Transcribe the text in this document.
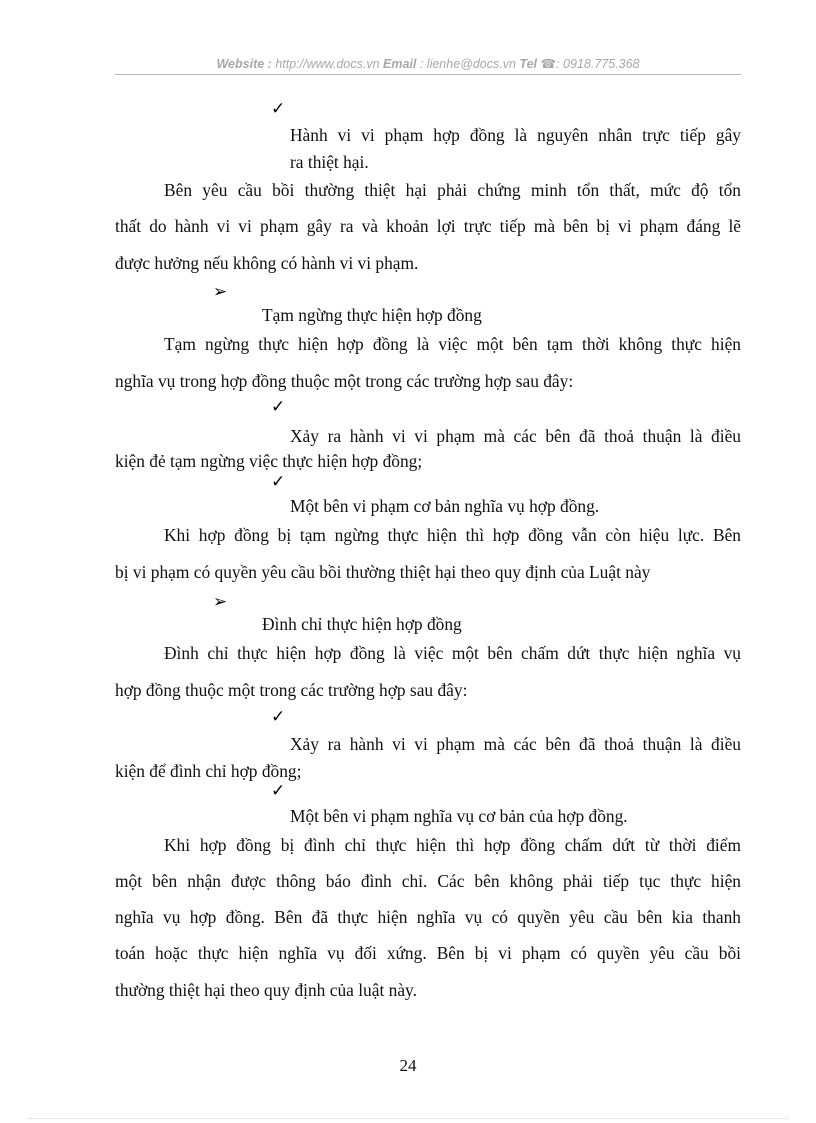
Website : http://www.docs.vn Email : lienhe@docs.vn Tel ☎: 0918.775.368
✓
Hành vi vi phạm hợp đồng là nguyên nhân trực tiếp gây
ra thiệt hại.
Bên yêu cầu bồi thường thiệt hại phải chứng minh tổn thất, mức độ tổn
thất do hành vi vi phạm gây ra và khoản lợi trực tiếp mà bên bị vi phạm đáng lẽ
được hưởng nếu không có hành vi vi phạm.
➢
Tạm ngừng thực hiện hợp đồng
Tạm ngừng thực hiện hợp đồng là việc một bên tạm thời không thực hiện
nghĩa vụ trong hợp đồng thuộc một trong các trường hợp sau đây:
✓
Xảy ra hành vi vi phạm mà các bên đã thoả thuận là điều
kiện đẻ tạm ngừng việc thực hiện hợp đồng;
✓
Một bên vi phạm cơ bản nghĩa vụ hợp đồng.
Khi hợp đồng bị tạm ngừng thực hiện thì hợp đồng vẫn còn hiệu lực. Bên
bị vi phạm có quyền yêu cầu bồi thường thiệt hại theo quy định của Luật này
➢
Đình chỉ thực hiện hợp đồng
Đình chỉ thực hiện hợp đồng là việc một bên chấm dứt thực hiện nghĩa vụ
hợp đồng thuộc một trong các trường hợp sau đây:
✓
Xảy ra hành vi vi phạm mà các bên đã thoả thuận là điều
kiện để đình chỉ hợp đồng;
✓
Một bên vi phạm nghĩa vụ cơ bản của hợp đồng.
Khi hợp đồng bị đình chỉ thực hiện thì hợp đồng chấm dứt từ thời điểm
một bên nhận được thông báo đình chỉ. Các bên không phải tiếp tục thực hiện
nghĩa vụ hợp đồng. Bên đã thực hiện nghĩa vụ có quyền yêu cầu bên kia thanh
toán hoặc thực hiện nghĩa vụ đối xứng. Bên bị vi phạm có quyền yêu cầu bồi
thường thiệt hại theo quy định của luật này.
24
